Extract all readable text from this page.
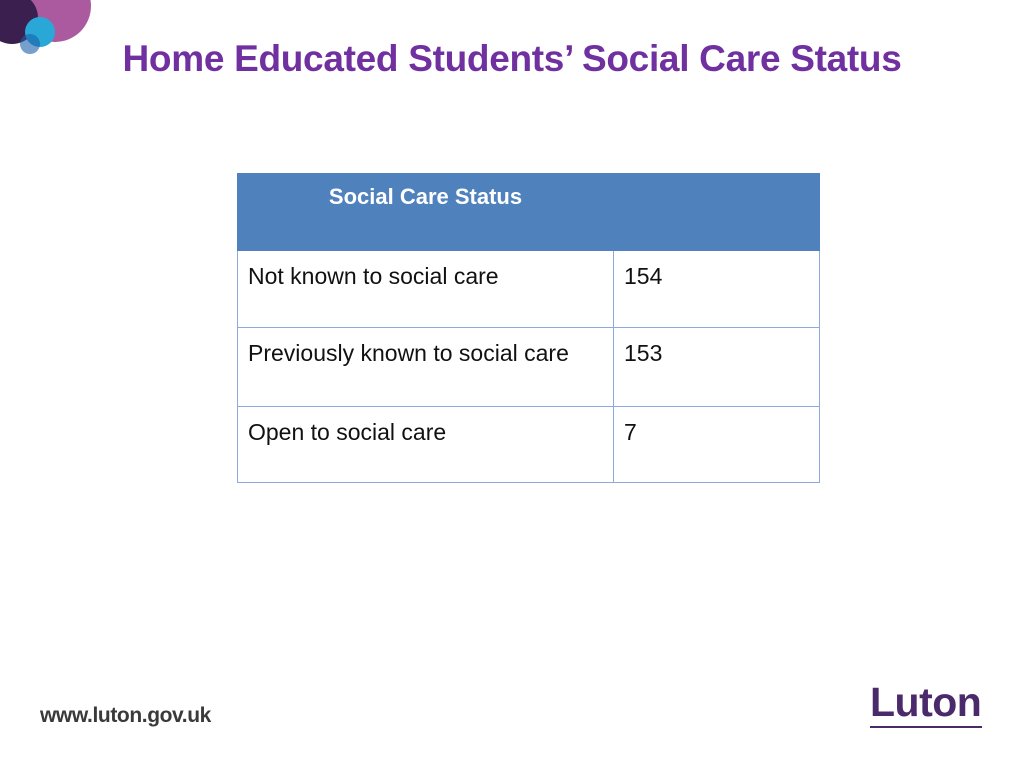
Home Educated Students’ Social Care Status
Social Care Status	
Not known to social care	154
Previously known to social care	153
Open to social care	7
www.luton.gov.uk	Luton
